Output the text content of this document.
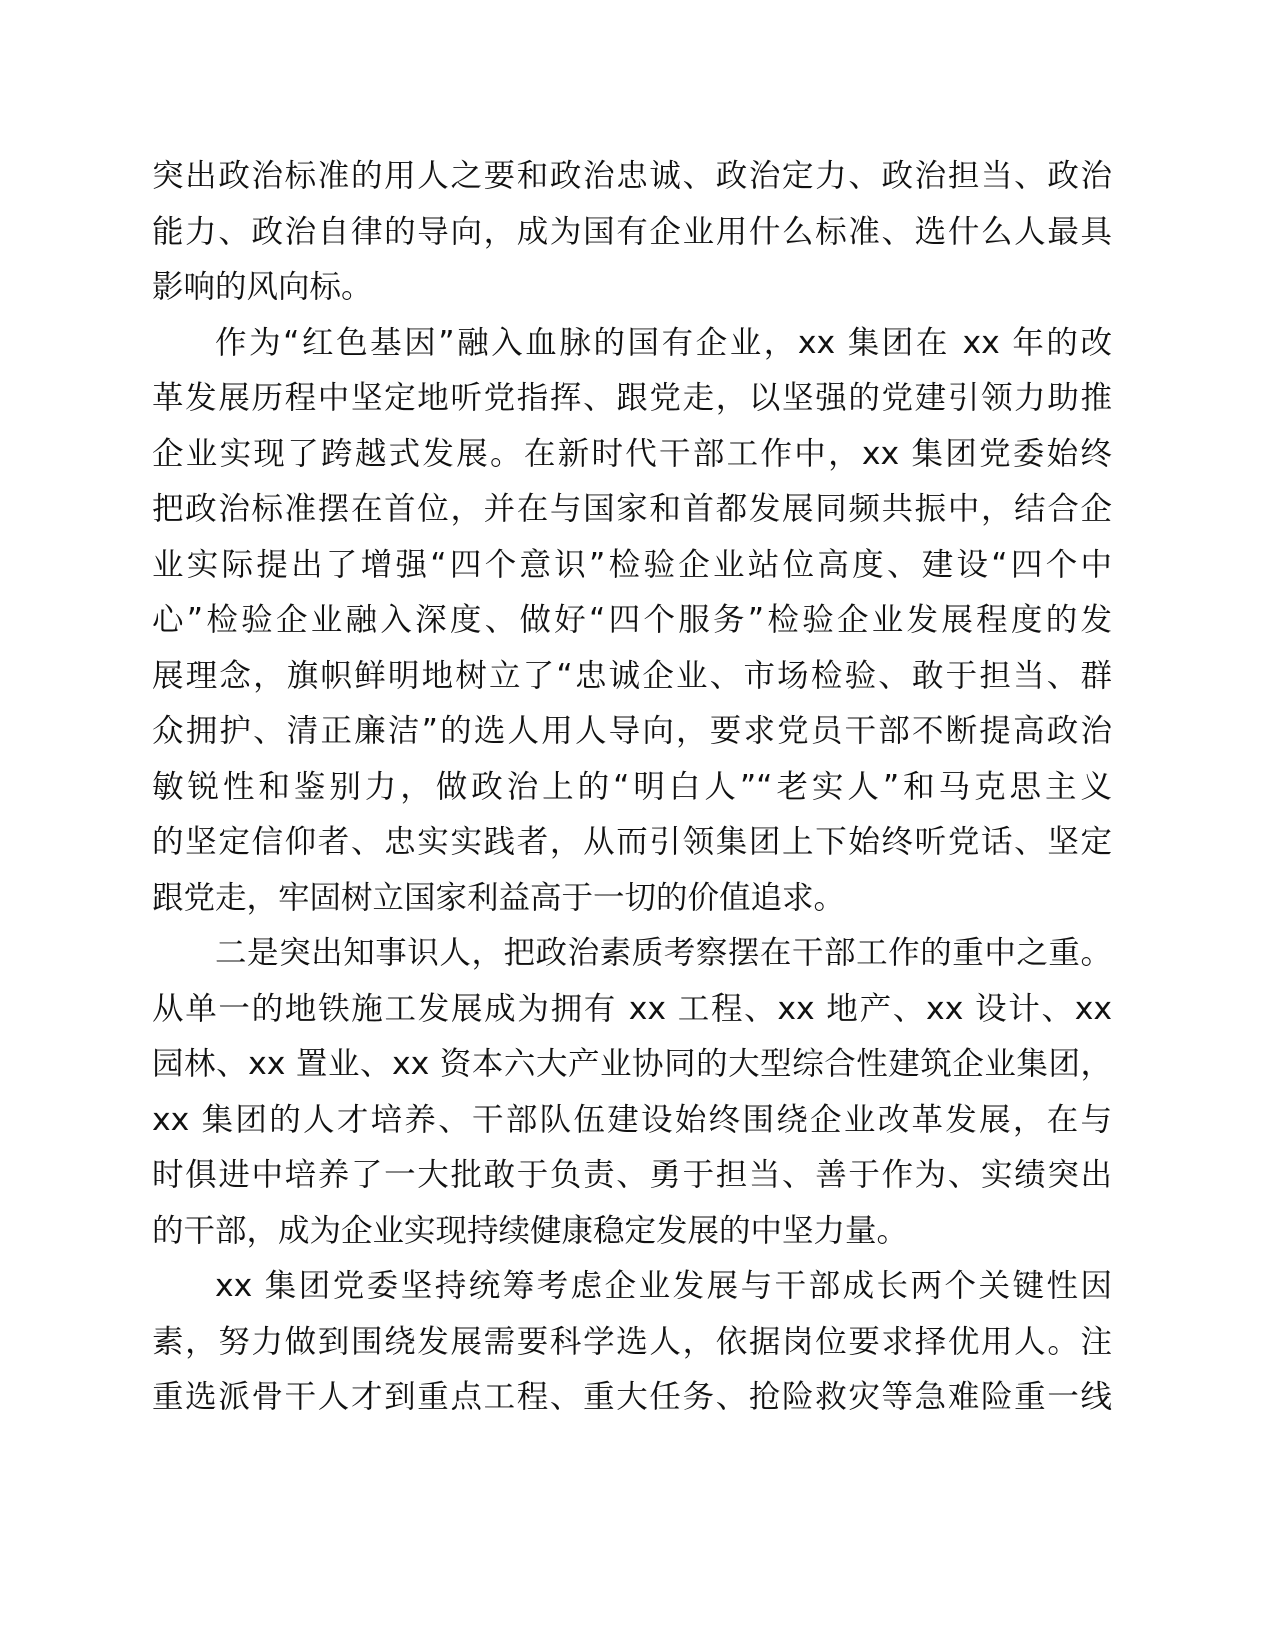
突出政治标准的用人之要和政治忠诚、政治定力、政治担当、政治
能力、政治自律的导向，成为国有企业用什么标准、选什么人最具
影响的风向标。
作为“红色基因”融入血脉的国有企业，xx 集团在 xx 年的改
革发展历程中坚定地听党指挥、跟党走，以坚强的党建引领力助推
企业实现了跨越式发展。在新时代干部工作中，xx 集团党委始终
把政治标准摆在首位，并在与国家和首都发展同频共振中，结合企
业实际提出了增强“四个意识”检验企业站位高度、建设“四个中
心”检验企业融入深度、做好“四个服务”检验企业发展程度的发
展理念，旗帜鲜明地树立了“忠诚企业、市场检验、敢于担当、群
众拥护、清正廉洁”的选人用人导向，要求党员干部不断提高政治
敏锐性和鉴别力，做政治上的“明白人”“老实人”和马克思主义
的坚定信仰者、忠实实践者，从而引领集团上下始终听党话、坚定
跟党走，牢固树立国家利益高于一切的价值追求。
二是突出知事识人，把政治素质考察摆在干部工作的重中之重。
从单一的地铁施工发展成为拥有 xx 工程、xx 地产、xx 设计、xx
园林、xx 置业、xx 资本六大产业协同的大型综合性建筑企业集团，
xx 集团的人才培养、干部队伍建设始终围绕企业改革发展，在与
时俱进中培养了一大批敢于负责、勇于担当、善于作为、实绩突出
的干部，成为企业实现持续健康稳定发展的中坚力量。
xx 集团党委坚持统筹考虑企业发展与干部成长两个关键性因
素，努力做到围绕发展需要科学选人，依据岗位要求择优用人。注
重选派骨干人才到重点工程、重大任务、抢险救灾等急难险重一线
